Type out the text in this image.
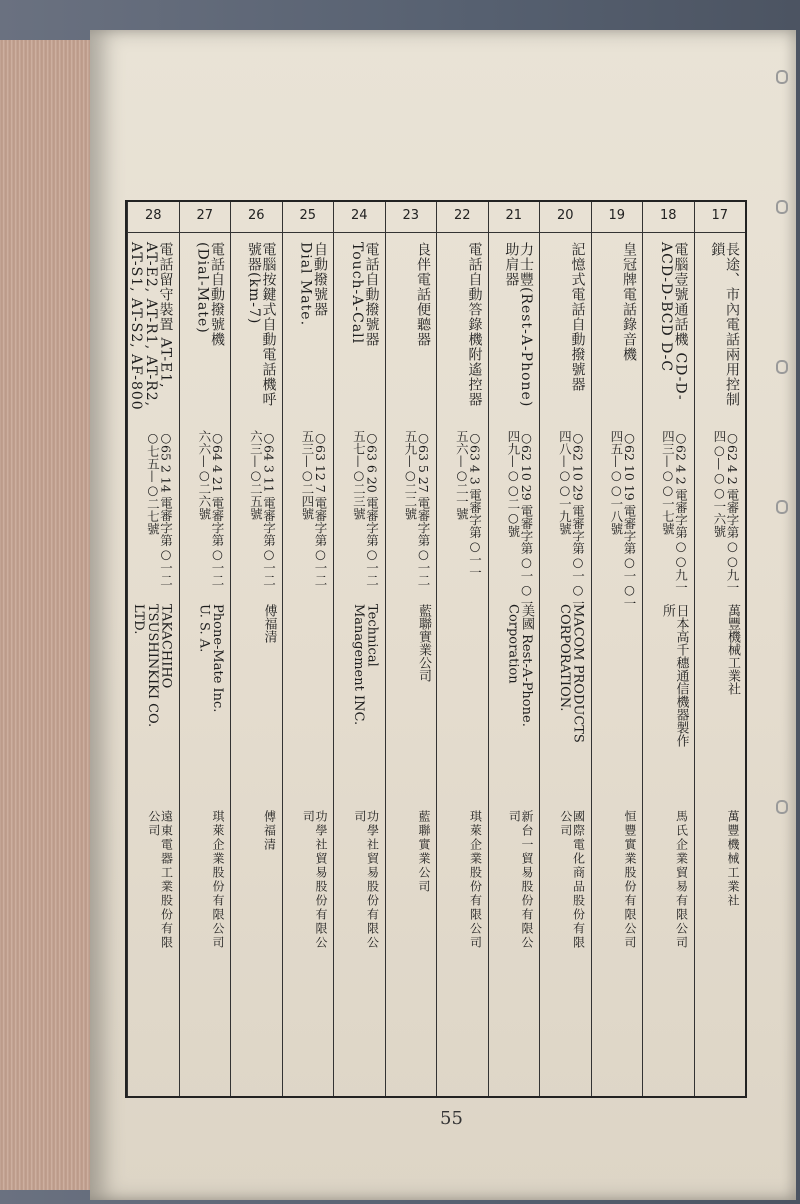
17
長途、市內電話兩用控制
鎖
○62 4 2 電審字第○○九一
四○—○○一六號
萬豐機械工業社
萬豐機械工業社
18
電腦壹號通話機 CD-D-
ACD-D-BCD D-C
○62 4 2 電審字第○○九一
四三—○○一七號
日本高千穗通信機器製作
所
馬氏企業貿易有限公司
19
皇冠牌電話錄音機
○62 10 19 電審字第○一○一
四五—○○一八號
恒豐實業股份有限公司
20
記憶式電話自動撥號器
○62 10 29 電審字第○一○一
四八—○○一九號
MACOM PRODUCTS
CORPORATION.
國際電化商品股份有限
公司
21
力士豐(Rest-A-Phone)
助肩器
○62 10 29 電審字第○一○一
四九—○○二○號
美國 Rest-A-Phone.
Corporation
新台一貿易股份有限公
司
22
電話自動答錄機附遙控器
○63 4 3 電審字第○一一
五六—○二一號
琪萊企業股份有限公司
23
良伴電話便聽器
○63 5 27 電審字第○一二
五九—○二二號
藍聯實業公司
藍聯實業公司
24
電話自動撥號器
Touch-A-Call
○63 6 20 電審字第○一二
五七—○二三號
Technical
Management INC.
功學社貿易股份有限公
司
25
自動撥號器
Dial Mate.
○63 12 7 電審字第○一二
五三—○二四號
功學社貿易股份有限公
司
26
電腦按鍵式自動電話機呼
號器(km-7)
○64 3 11 電審字第○一二
六三—○二五號
傅福清
傅福清
27
電話自動撥號機
(Dial-Mate)
○64 4 21 電審字第○一二
六六—○二六號
Phone-Mate Inc.
U. S. A.
琪萊企業股份有限公司
28
電話留守裝置 AT-E1,
AT-E2, AT-R1, AT-R2,
AT-S1, AT-S2, AF-800
○65 2 14 電審字第○一二
○七五—○二七號
TAKACHIHO
TSUSHINKIKI CO.
LTD.
遠東電器工業股份有限
公司
55
